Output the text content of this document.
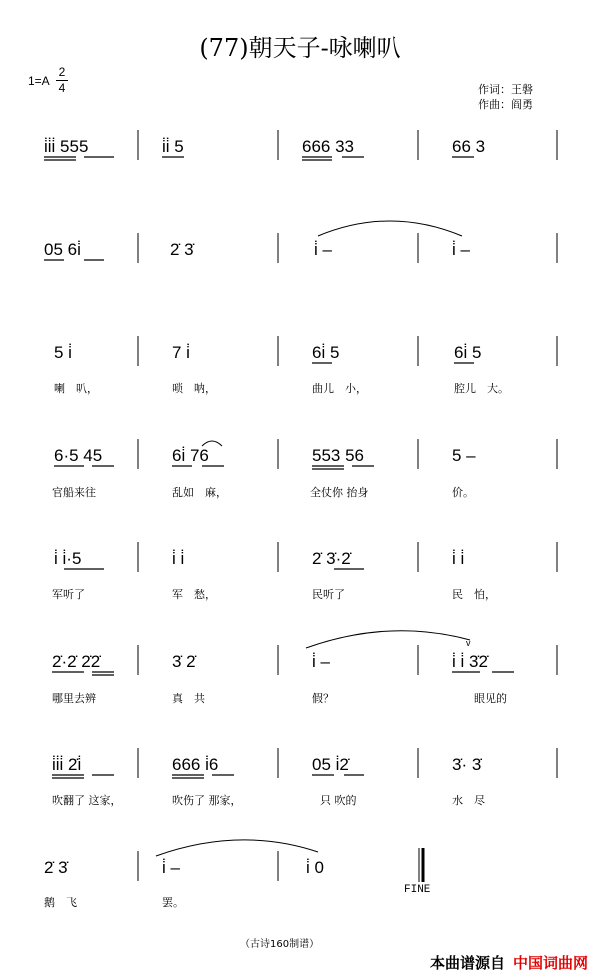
(77)朝天子-咏喇叭
1=A
2
4	作词：王磐
作曲：阎勇
i̇i̇i̇ 555	i̇i̇ 5	666 33	66 3
05 6i̇	2̇ 3̇	i̇ –	i̇ –
5 i̇	7 i̇	6i̇ 5	6i̇ 5
喇　叭，	唢　呐，	曲儿　小，	腔儿　大。
6·5 45	6i̇ 76	553 56	5 –
官船来往	乱如　麻，	全仗你 抬身	价。
i̇ i̇·5	i̇ i̇	2̇ 3̇·2̇	i̇ i̇
军听了	军　愁，	民听了	民　怕，
2̇·2̇ 2̇2̇	3̇ 2̇	i̇ –	i̇ i̇ 3̇2̇
哪里去辨	真　共	假？	眼见的
i̇i̇i̇ 2̇i̇	666 i̇6	05 i̇2̇	3̇· 3̇
吹翻了 这家，	吹伤了 那家，	只 吹的	水　尽
2̇ 3̇	i̇ –	i̇ 0
鹅　飞	罢。
FINE
v
（古诗160制谱）
本曲谱源自 中国词曲网
